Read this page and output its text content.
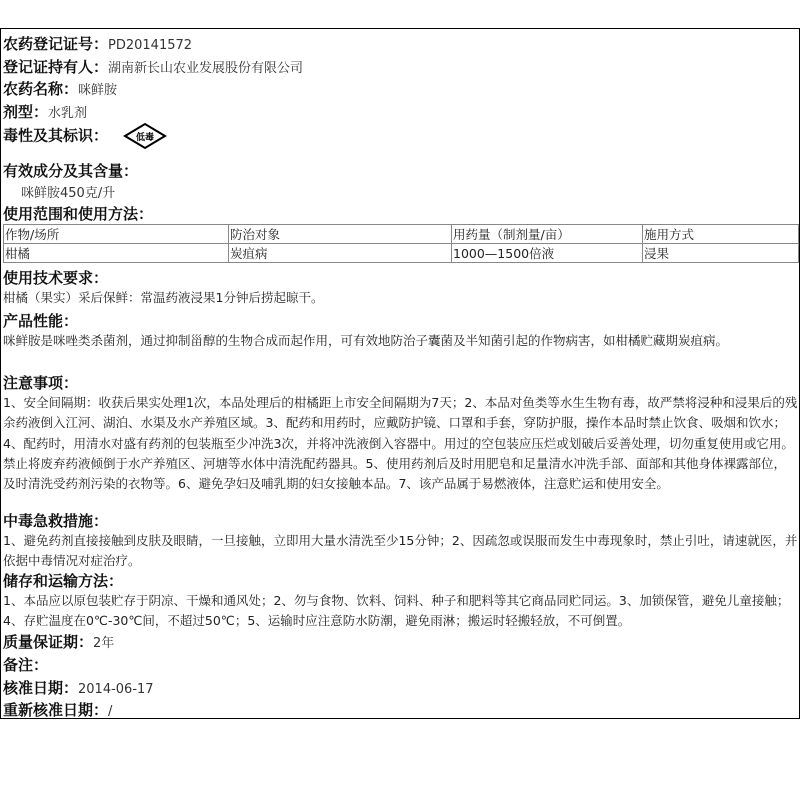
农药登记证号：PD20141572
登记证持有人：湖南新长山农业发展股份有限公司
农药名称：咪鲜胺
剂型：水乳剂
毒性及其标识：	低毒
有效成分及其含量：
咪鲜胺450克/升
使用范围和使用方法：
作物/场所	防治对象	用药量（制剂量/亩）	施用方式
柑橘	炭疽病	1000—1500倍液	浸果
使用技术要求：
柑橘（果实）采后保鲜：常温药液浸果1分钟后捞起晾干。
产品性能：
咪鲜胺是咪唑类杀菌剂，通过抑制甾醇的生物合成而起作用，可有效地防治子囊菌及半知菌引起的作物病害，如柑橘贮藏期炭疽病。
注意事项：
1、安全间隔期：收获后果实处理1次，本品处理后的柑橘距上市安全间隔期为7天；2、本品对鱼类等水生生物有毒，故严禁将浸种和浸果后的残余药液倒入江河、湖泊、水渠及水产养殖区域。3、配药和用药时，应戴防护镜、口罩和手套，穿防护服，操作本品时禁止饮食、吸烟和饮水；4、配药时，用清水对盛有药剂的包装瓶至少冲洗3次，并将冲洗液倒入容器中。用过的空包装应压烂或划破后妥善处理，切勿重复使用或它用。禁止将废弃药液倾倒于水产养殖区、河塘等水体中清洗配药器具。5、使用药剂后及时用肥皂和足量清水冲洗手部、面部和其他身体裸露部位，及时清洗受药剂污染的衣物等。6、避免孕妇及哺乳期的妇女接触本品。7、该产品属于易燃液体，注意贮运和使用安全。
中毒急救措施：
1、避免药剂直接接触到皮肤及眼睛，一旦接触，立即用大量水清洗至少15分钟；2、因疏忽或误服而发生中毒现象时，禁止引吐，请速就医，并依据中毒情况对症治疗。
储存和运输方法：
1、本品应以原包装贮存于阴凉、干燥和通风处；2、勿与食物、饮料、饲料、种子和肥料等其它商品同贮同运。3、加锁保管，避免儿童接触；4、存贮温度在0℃-30℃间，不超过50℃；5、运输时应注意防水防潮，避免雨淋；搬运时轻搬轻放，不可倒置。
质量保证期：2年
备注：
核准日期：2014-06-17
重新核准日期：/
